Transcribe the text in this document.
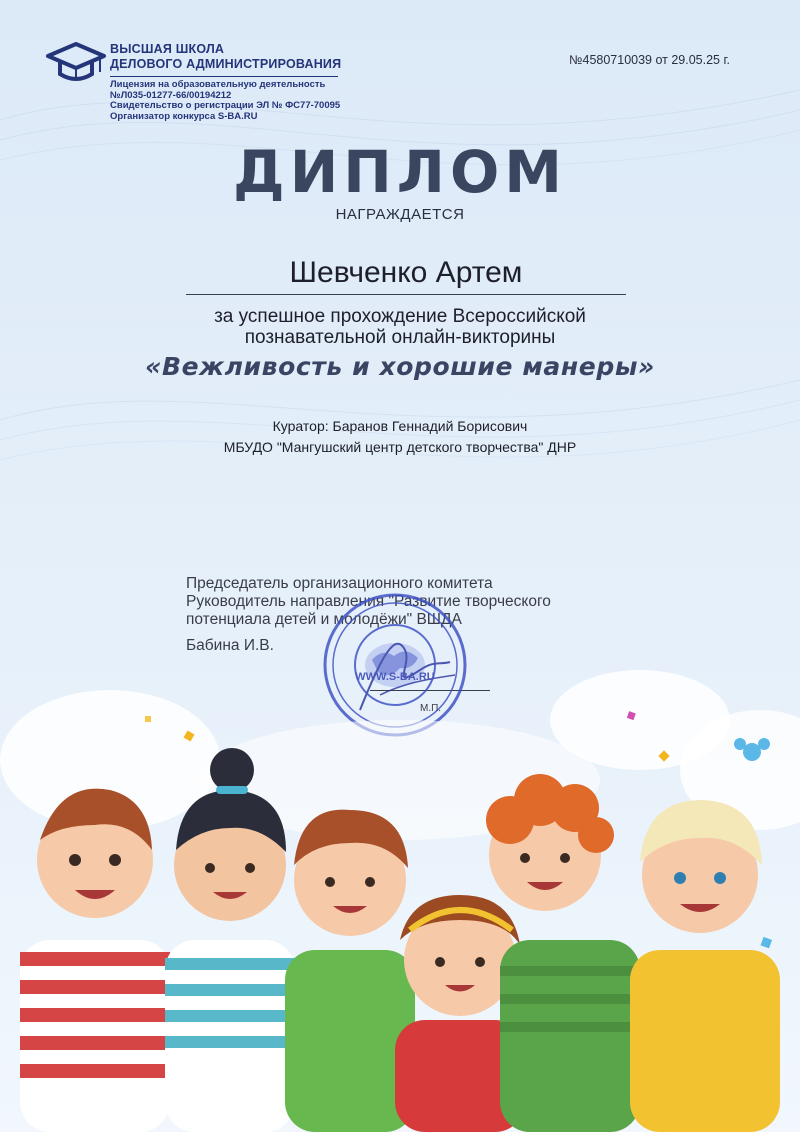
ВЫСШАЯ ШКОЛА
ДЕЛОВОГО АДМИНИСТРИРОВАНИЯ
Лицензия на образовательную деятельность
№Л035-01277-66/00194212
Свидетельство о регистрации ЭЛ № ФС77-70095
Организатор конкурса S-BA.RU
№4580710039 от 29.05.25 г.
ДИПЛОМ
НАГРАЖДАЕТСЯ
Шевченко Артем
за успешное прохождение Всероссийской
познавательной онлайн-викторины
«Вежливость и хорошие манеры»
Куратор: Баранов Геннадий Борисович
МБУДО "Мангушский центр детского творчества" ДНР
Председатель организационного комитета
Руководитель направления "Развитие творческого
потенциала детей и молодёжи" ВШДА
Бабина И.В.
WWW.S-BA.RU
М.П.
